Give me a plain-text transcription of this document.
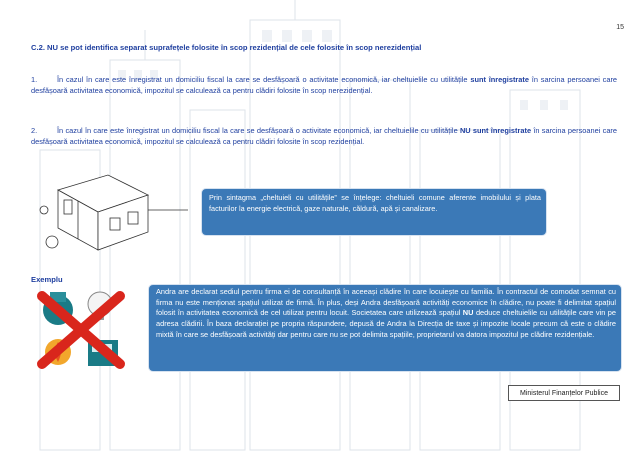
15
C.2. NU se pot identifica separat suprafețele folosite în scop rezidențial de cele folosite în scop nerezidențial
1.	În cazul în care este înregistrat un domiciliu fiscal la care se desfășoară o activitate economică, iar cheltuielile cu utilitățile sunt înregistrate în sarcina persoanei care desfășoară activitatea economică, impozitul se calculează ca pentru clădiri folosite în scop nerezidențial.
2.	În cazul în care este înregistrat un domiciliu fiscal la care se desfășoară o activitate economică, iar cheltuielile cu utilitățile NU sunt înregistrate în sarcina persoanei care desfășoară activitatea economică, impozitul se calculează ca pentru clădiri folosite în scop rezidențial.
Prin sintagma „cheltuieli cu utilitățile” se înțelege: cheltuieli comune aferente imobilului și plata facturilor la energie electrică, gaze naturale, căldură, apă și canalizare.
Exemplu
Andra are declarat sediul pentru firma ei de consultanță în aceeași clădire în care locuiește cu familia. În contractul de comodat semnat cu firma nu este menționat spațiul utilizat de firmă. În plus, deși Andra desfășoară activități economice în clădire, nu poate fi delimitat spațiul folosit în activitatea economică de cel utilizat pentru locuit. Societatea care utilizează spațiul NU deduce cheltuielile cu utilitățile care vin pe adresa clădirii. În baza declarației pe propria răspundere, depusă de Andra la Direcția de taxe și impozite locale precum că este o clădire mixtă în care se desfășoară activități dar pentru care nu se pot delimita spațiile, proprietarul va datora impozitul pe clădire rezidențiale.
Ministerul Finanțelor Publice
